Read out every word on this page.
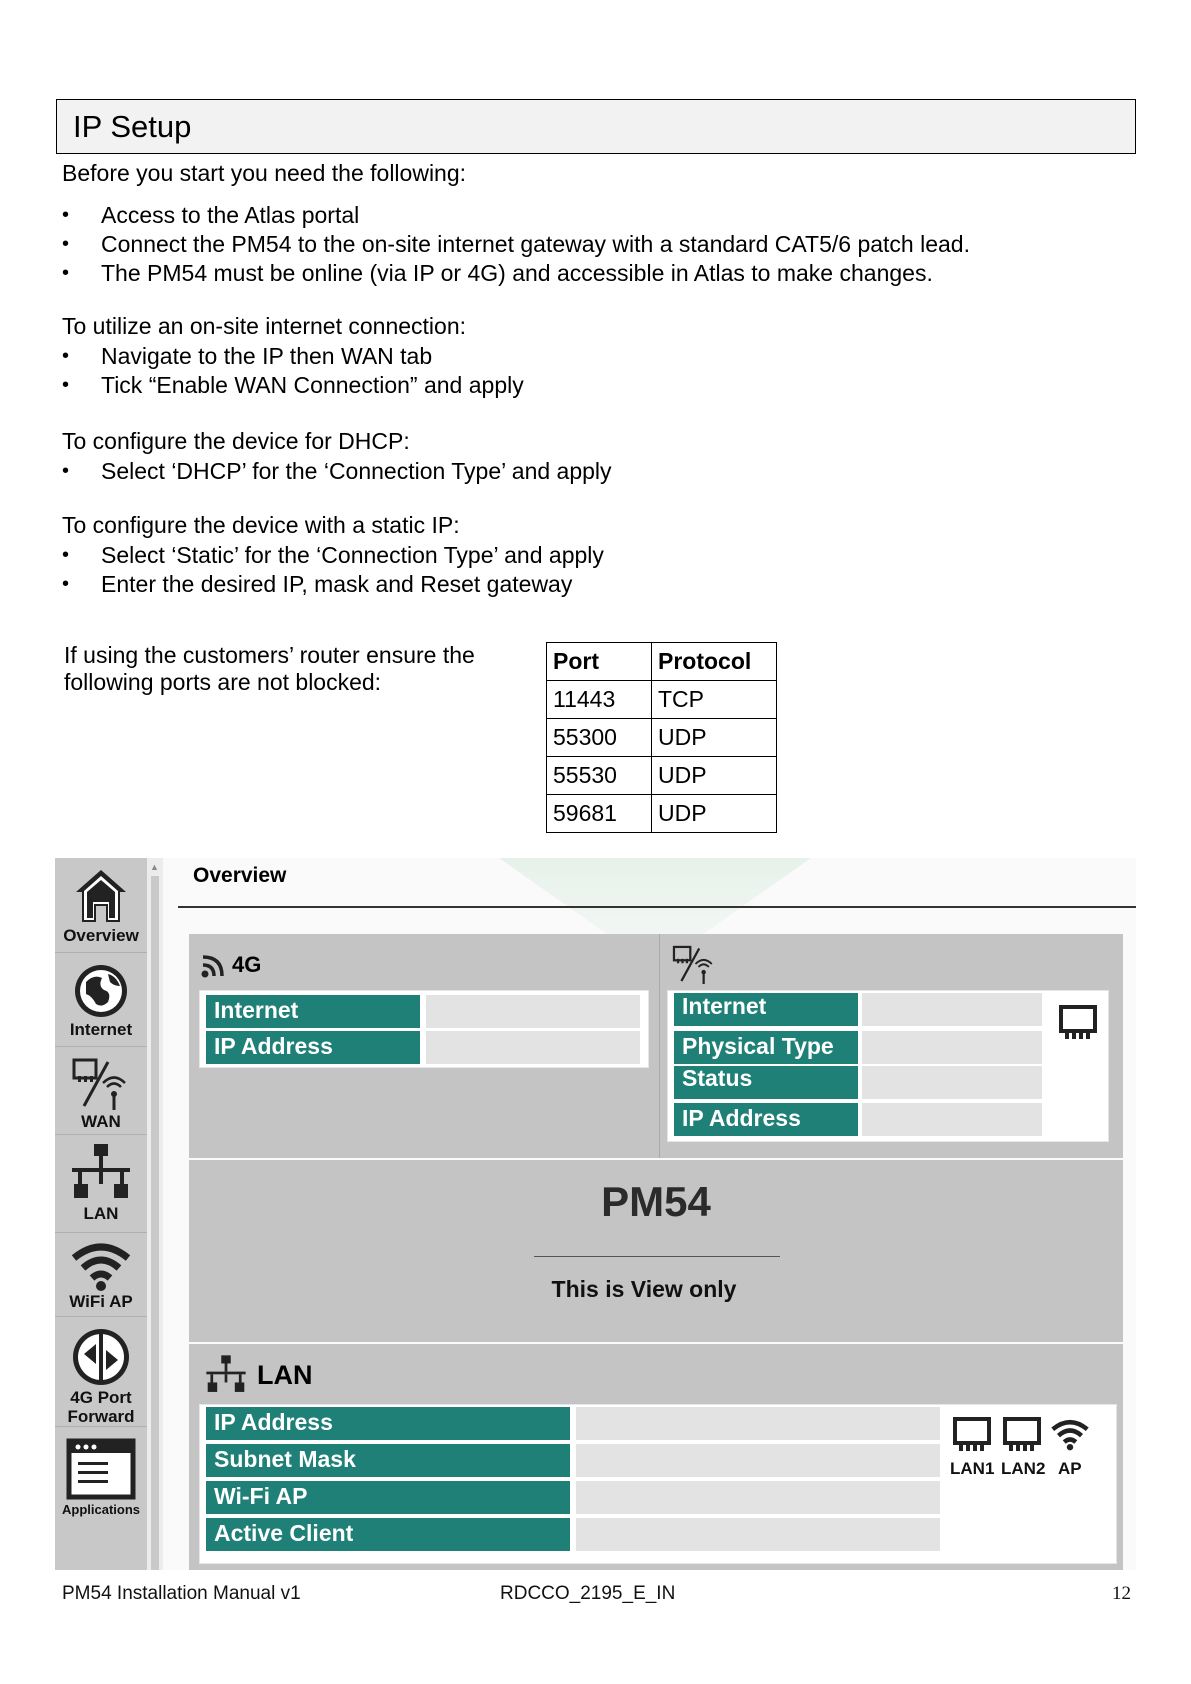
IP Setup
Before you start you need the following:
• Access to the Atlas portal
• Connect the PM54 to the on-site internet gateway with a standard CAT5/6 patch lead.
• The PM54 must be online (via IP or 4G) and accessible in Atlas to make changes.
To utilize an on-site internet connection:
• Navigate to the IP then WAN tab
• Tick “Enable WAN Connection” and apply
To configure the device for DHCP:
• Select ‘DHCP’ for the ‘Connection Type’ and apply
To configure the device with a static IP:
• Select ‘Static’ for the ‘Connection Type’ and apply
• Enter the desired IP, mask and Reset gateway
If using the customers’ router ensure the following ports are not blocked:
Port	Protocol
11443	TCP
55300	UDP
55530	UDP
59681	UDP
Overview
Internet
WAN
LAN
WiFi AP
4G Port
Forward
Applications
▲ Overview
4G
Internet
IP Address
Internet
Physical Type
Status
IP Address
PM54
This is View only
LAN
IP Address
Subnet Mask
Wi-Fi AP
Active Client
LAN1 LAN2 AP
PM54 Installation Manual v1	RDCCO_2195_E_IN	12
